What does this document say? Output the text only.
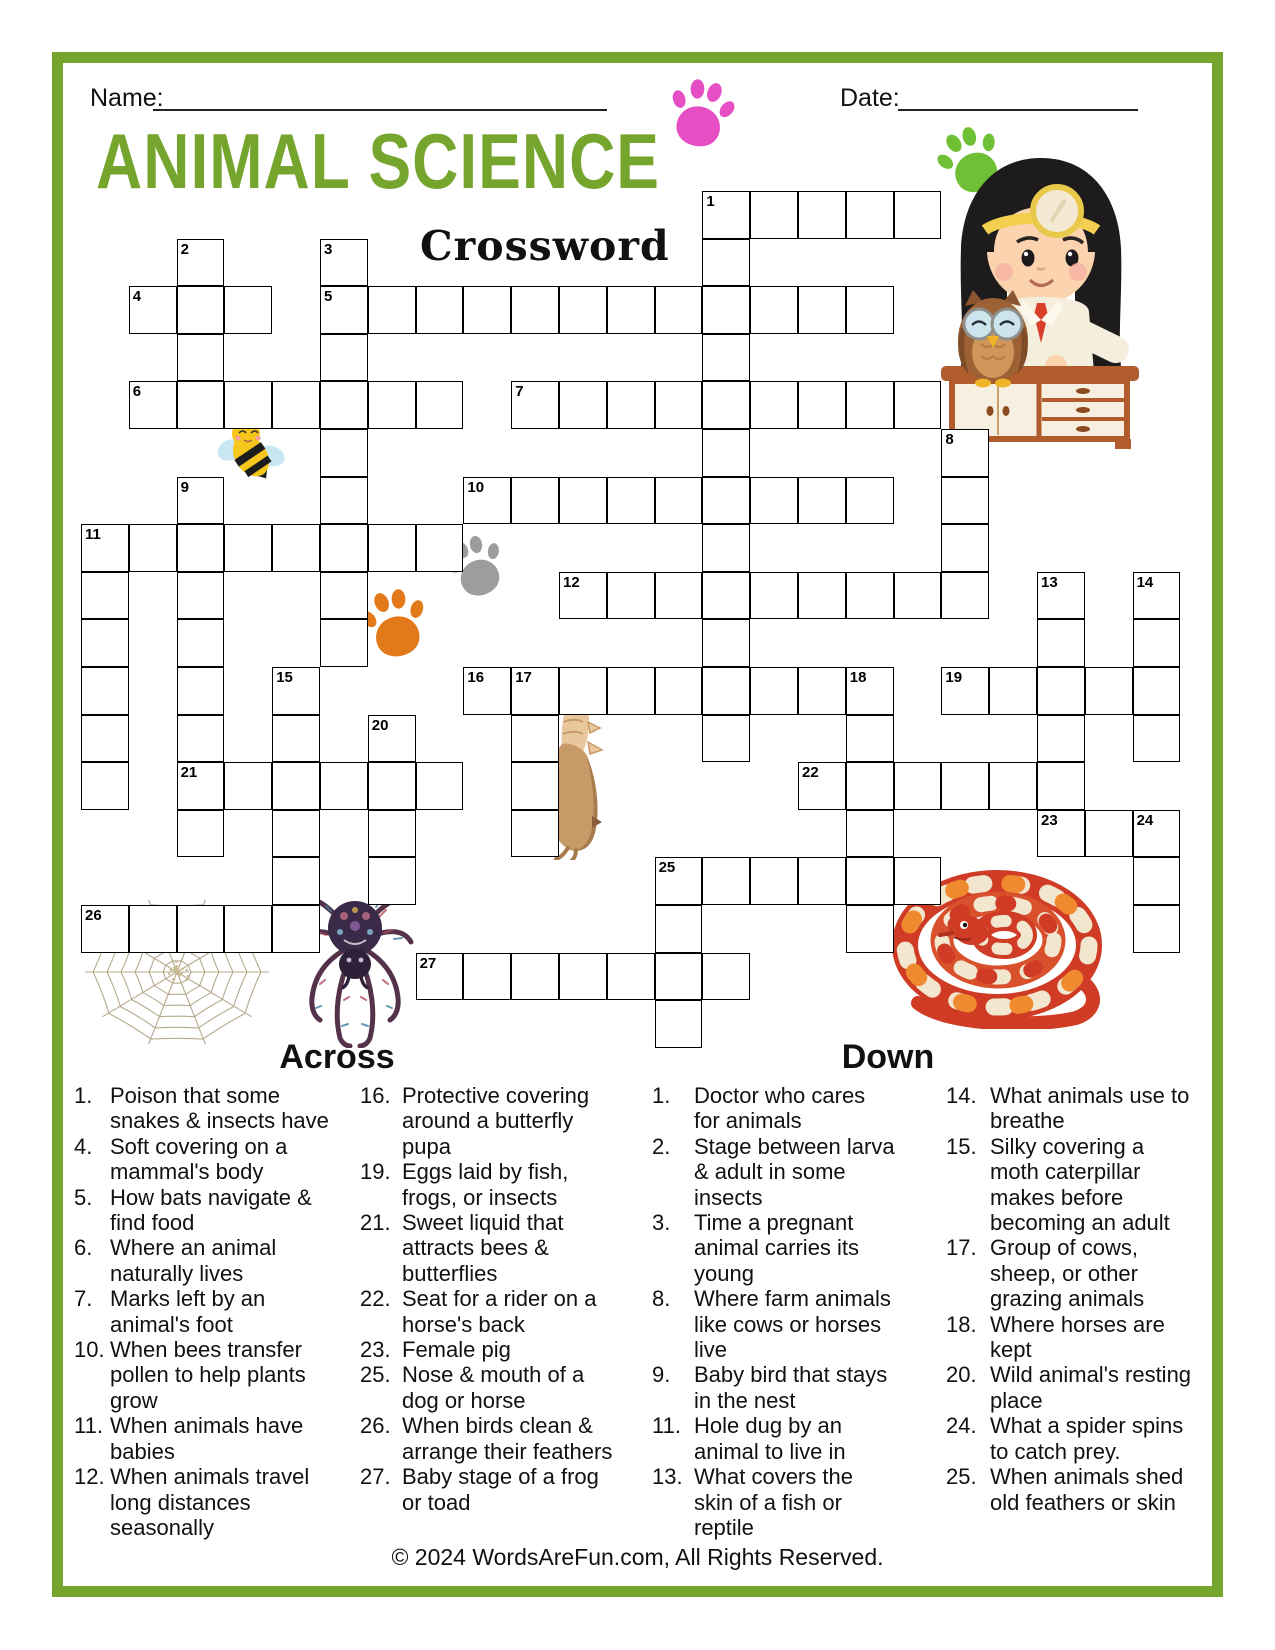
Name:	Date:
ANIMAL SCIENCE
Crossword
1
4	5
6	7
10
11
12
16 17	18	19
21	22
23	24
25
26
27
2	3
8
9
13	14
15
20
Across	Down
1. Poison that some snakes & insects have
4. Soft covering on a mammal's body
5. How bats navigate & find food
6. Where an animal naturally lives
7. Marks left by an animal's foot
10. When bees transfer pollen to help plants grow
11. When animals have babies
12. When animals travel long distances seasonally
16. Protective covering around a butterfly pupa
19. Eggs laid by fish, frogs, or insects
21. Sweet liquid that attracts bees & butterflies
22. Seat for a rider on a horse's back
23. Female pig
25. Nose & mouth of a dog or horse
26. When birds clean & arrange their feathers
27. Baby stage of a frog or toad
1.	Doctor who cares for animals
2.	Stage between larva & adult in some insects
3.	Time a pregnant animal carries its young
8.	Where farm animals like cows or horses live
9.	Baby bird that stays in the nest
11. Hole dug by an animal to live in
13. What covers the skin of a fish or reptile
14. What animals use to breathe
15. Silky covering a moth caterpillar makes before becoming an adult
17. Group of cows, sheep, or other grazing animals
18. Where horses are kept
20. Wild animal's resting place
24. What a spider spins to catch prey.
25. When animals shed old feathers or skin
© 2024 WordsAreFun.com, All Rights Reserved.
